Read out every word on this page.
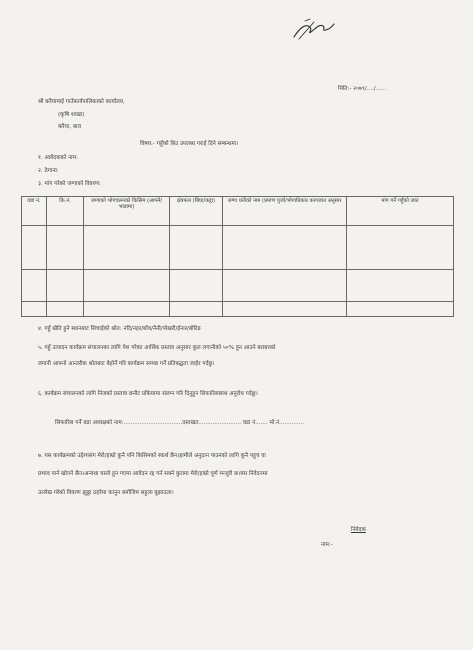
मिति:- २०७९/..../......
श्री करैयामाई गाउँकार्यपालिकाको कार्यालय,
(कृषि शाखा)
करैया, बारा
विषय:- गहुँको बिउ उपलब्ध गराई दिने सम्बन्धमा।
१. आवेदकको नाम:
२. ठेगाना:
३. मांग गरेको जग्गाको विवरण:
वडा नं.	कि.नं.	जग्गाको भोगचलनको किसिम (आफ्नै/भाडामा)	क्षेत्रफल (बिघा/कट्ठा)	जग्गा धनीको नाम (प्रमाण पुर्जा/भोगाधिकार कागजात अनुसार	मांग गर्ने गहुँको जात

४. गहुँ खेति हुने स्थानबाट सिचाईको श्रोत: नदि/नहर/बाँध/नैनी/पोखरी/ईनार/बोरिङ
५. गहुँ उत्पादन कार्यक्रम संचालनका लागि पेश गरेका आर्थिक प्रस्ताव अनुसार कुल लगानीको ५०% हुन आउने बराबरको
लगानी आफ्नो आन्तरीक श्रोतबाट बेहोर्ने गरि कार्यक्रम सम्पन्न गर्ने प्रतिबद्धता जाहेर गर्दछु।
६. कार्यक्रम संचालनको लागि निजको प्रस्ताव छनौट प्रकियामा संलग्न गरि दिनुहुन सिफारिससाथ अनुरोध गर्दछु।
सिफारिस गर्ने वडा अध्यक्षको नाम:.................................दस्तखत........................ वडा नं....... मो.नं..............
७. यस कार्यक्रमको उद्देश्यसंग मेरो/हाम्रो कुनै पनि किसिमको स्वार्थ छैन।हामीले अनुदान पाउनको लागि कुनै पहुच वा
प्रभाव पार्न खोज्ने छैन।अन्यथा यस्तो हुन गएमा आवेदन रद्द गर्न सक्ने कुरामा मेरो/हाम्रो पूर्ण मन्जुरी छ।यस निवेदनमा
उल्लेख गरेको विवरण झुठ्ठा ठहरेमा कानुन बमोजिम सहुला बुझाउला।
निवेदक
नाम:-
